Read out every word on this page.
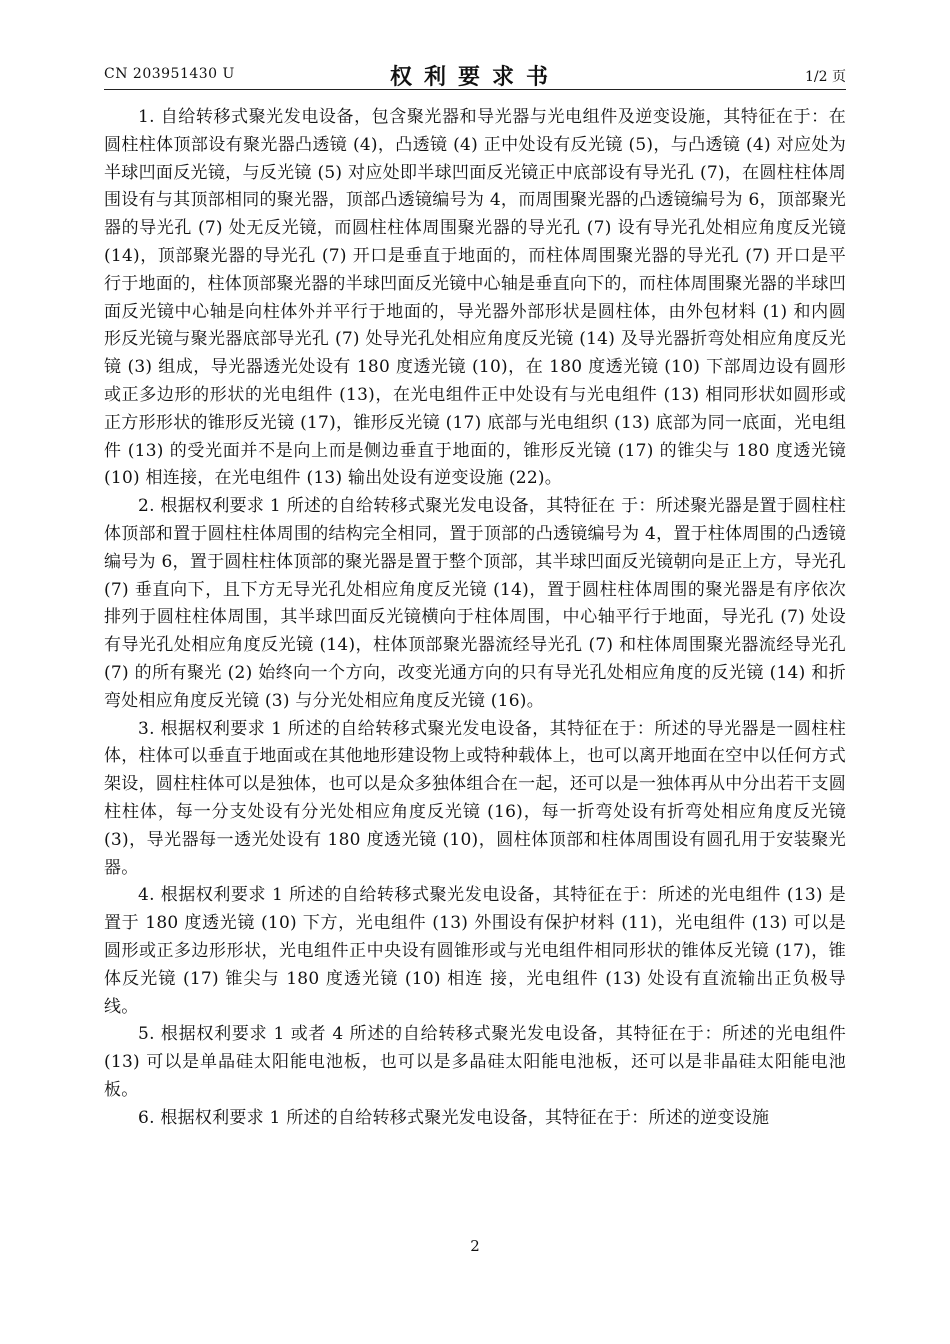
CN 203951430 U	权利要求书	1/2 页

1. 自给转移式聚光发电设备，包含聚光器和导光器与光电组件及逆变设施，其特征在于：在圆柱柱体顶部设有聚光器凸透镜 (4)，凸透镜 (4) 正中处设有反光镜 (5)，与凸透镜 (4) 对应处为半球凹面反光镜，与反光镜 (5) 对应处即半球凹面反光镜正中底部设有导光孔 (7)，在圆柱柱体周围设有与其顶部相同的聚光器，顶部凸透镜编号为 4，而周围聚光器的凸透镜编号为 6，顶部聚光器的导光孔 (7) 处无反光镜，而圆柱柱体周围聚光器的导光孔 (7) 设有导光孔处相应角度反光镜 (14)，顶部聚光器的导光孔 (7) 开口是垂直于地面的，而柱体周围聚光器的导光孔 (7) 开口是平行于地面的，柱体顶部聚光器的半球凹面反光镜中心轴是垂直向下的，而柱体周围聚光器的半球凹面反光镜中心轴是向柱体外并平行于地面的，导光器外部形状是圆柱体，由外包材料 (1) 和内圆形反光镜与聚光器底部导光孔 (7) 处导光孔处相应角度反光镜 (14) 及导光器折弯处相应角度反光镜 (3) 组成，导光器透光处设有 180 度透光镜 (10)，在 180 度透光镜 (10) 下部周边设有圆形或正多边形的形状的光电组件 (13)，在光电组件正中处设有与光电组件 (13) 相同形状如圆形或正方形形状的锥形反光镜 (17)，锥形反光镜 (17) 底部与光电组织 (13) 底部为同一底面，光电组件 (13) 的受光面并不是向上而是侧边垂直于地面的，锥形反光镜 (17) 的锥尖与 180 度透光镜 (10) 相连接，在光电组件 (13) 输出处设有逆变设施 (22)。

2. 根据权利要求 1 所述的自给转移式聚光发电设备，其特征在 于：所述聚光器是置于圆柱柱体顶部和置于圆柱柱体周围的结构完全相同，置于顶部的凸透镜编号为 4，置于柱体周围的凸透镜编号为 6，置于圆柱柱体顶部的聚光器是置于整个顶部，其半球凹面反光镜朝向是正上方，导光孔 (7) 垂直向下，且下方无导光孔处相应角度反光镜 (14)，置于圆柱柱体周围的聚光器是有序依次排列于圆柱柱体周围，其半球凹面反光镜横向于柱体周围，中心轴平行于地面，导光孔 (7) 处设有导光孔处相应角度反光镜 (14)，柱体顶部聚光器流经导光孔 (7) 和柱体周围聚光器流经导光孔 (7) 的所有聚光 (2) 始终向一个方向，改变光通方向的只有导光孔处相应角度的反光镜 (14) 和折弯处相应角度反光镜 (3) 与分光处相应角度反光镜 (16)。

3. 根据权利要求 1 所述的自给转移式聚光发电设备，其特征在于：所述的导光器是一圆柱柱体，柱体可以垂直于地面或在其他地形建设物上或特种载体上，也可以离开地面在空中以任何方式架设，圆柱柱体可以是独体，也可以是众多独体组合在一起，还可以是一独体再从中分出若干支圆柱柱体，每一分支处设有分光处相应角度反光镜 (16)，每一折弯处设有折弯处相应角度反光镜 (3)，导光器每一透光处设有 180 度透光镜 (10)，圆柱体顶部和柱体周围设有圆孔用于安装聚光器。

4. 根据权利要求 1 所述的自给转移式聚光发电设备，其特征在于：所述的光电组件 (13) 是置于 180 度透光镜 (10) 下方，光电组件 (13) 外围设有保护材料 (11)，光电组件 (13) 可以是圆形或正多边形形状，光电组件正中央设有圆锥形或与光电组件相同形状的锥体反光镜 (17)，锥体反光镜 (17) 锥尖与 180 度透光镜 (10) 相连 接，光电组件 (13) 处设有直流输出正负极导线。

5. 根据权利要求 1 或者 4 所述的自给转移式聚光发电设备，其特征在于：所述的光电组件 (13) 可以是单晶硅太阳能电池板，也可以是多晶硅太阳能电池板，还可以是非晶硅太阳能电池板。

6. 根据权利要求 1 所述的自给转移式聚光发电设备，其特征在于：所述的逆变设施

2
